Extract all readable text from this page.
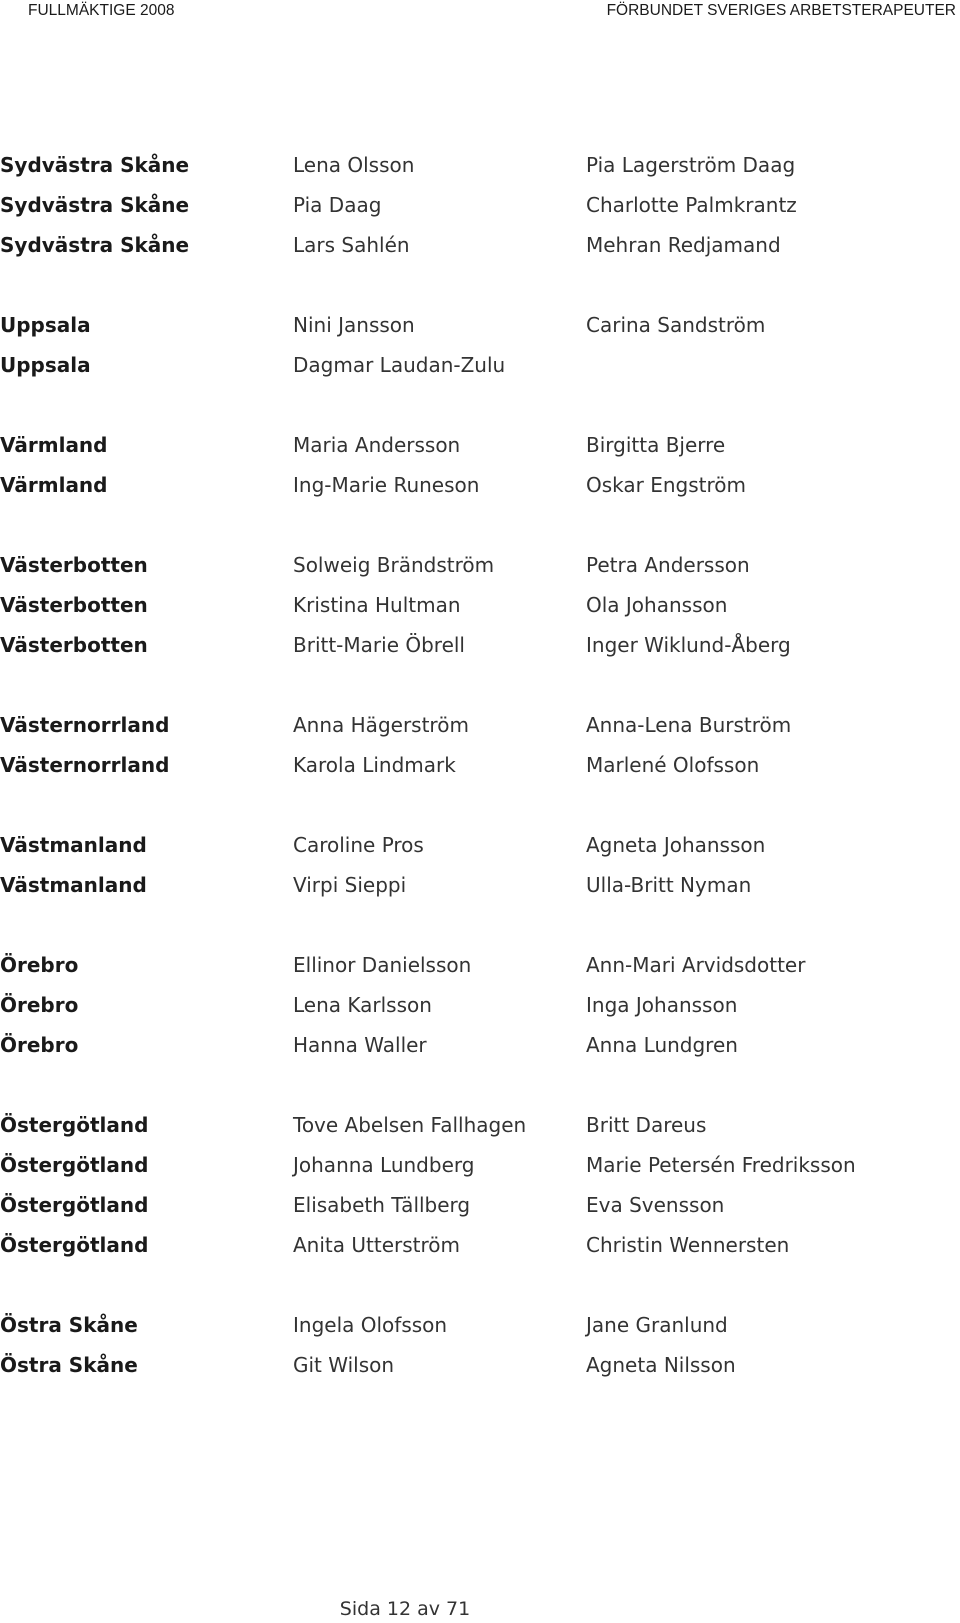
FULLMÄKTIGE 2008	FÖRBUNDET SVERIGES ARBETSTERAPEUTER
Sydvästra Skåne	Lena Olsson	Pia Lagerström Daag
Sydvästra Skåne	Pia Daag	Charlotte Palmkrantz
Sydvästra Skåne	Lars Sahlén	Mehran Redjamand
Uppsala	Nini Jansson	Carina Sandström
Uppsala	Dagmar Laudan-Zulu
Värmland	Maria Andersson	Birgitta Bjerre
Värmland	Ing-Marie Runeson	Oskar Engström
Västerbotten	Solweig Brändström	Petra Andersson
Västerbotten	Kristina Hultman	Ola Johansson
Västerbotten	Britt-Marie Öbrell	Inger Wiklund-Åberg
Västernorrland	Anna Hägerström	Anna-Lena Burström
Västernorrland	Karola Lindmark	Marlené Olofsson
Västmanland	Caroline Pros	Agneta Johansson
Västmanland	Virpi Sieppi	Ulla-Britt Nyman
Örebro	Ellinor Danielsson	Ann-Mari Arvidsdotter
Örebro	Lena Karlsson	Inga Johansson
Örebro	Hanna Waller	Anna Lundgren
Östergötland	Tove Abelsen Fallhagen	Britt Dareus
Östergötland	Johanna Lundberg	Marie Petersén Fredriksson
Östergötland	Elisabeth Tällberg	Eva Svensson
Östergötland	Anita Utterström	Christin Wennersten
Östra Skåne	Ingela Olofsson	Jane Granlund
Östra Skåne	Git Wilson	Agneta Nilsson
Sida 12 av 71
